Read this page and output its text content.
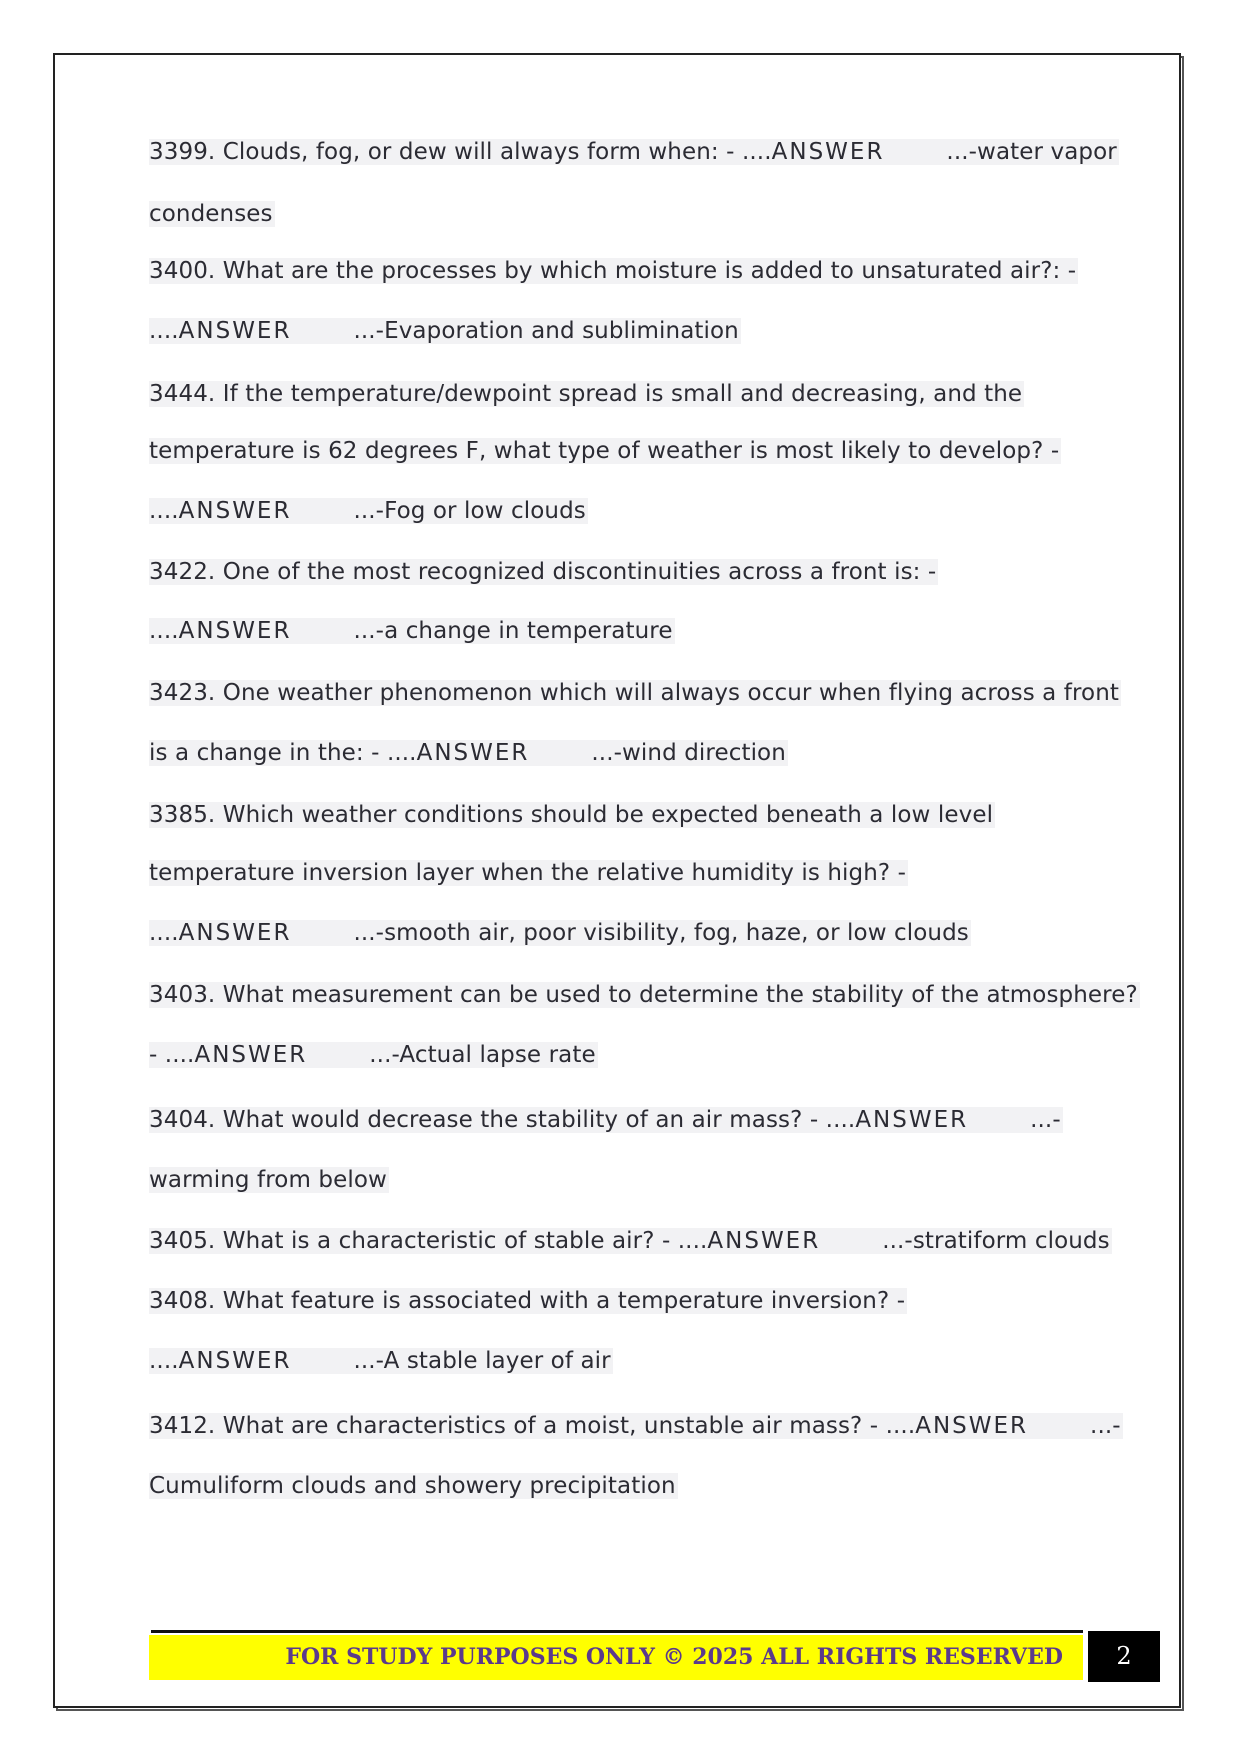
3399. Clouds, fog, or dew will always form when: - ....ANSWER	...-water vapor
condenses
3400. What are the processes by which moisture is added to unsaturated air?: -
....ANSWER	...-Evaporation and sublimination
3444. If the temperature/dewpoint spread is small and decreasing, and the
temperature is 62 degrees F, what type of weather is most likely to develop? -
....ANSWER	...-Fog or low clouds
3422. One of the most recognized discontinuities across a front is: -
....ANSWER	...-a change in temperature
3423. One weather phenomenon which will always occur when flying across a front
is a change in the: - ....ANSWER	...-wind direction
3385. Which weather conditions should be expected beneath a low level
temperature inversion layer when the relative humidity is high? -
....ANSWER	...-smooth air, poor visibility, fog, haze, or low clouds
3403. What measurement can be used to determine the stability of the atmosphere?
- ....ANSWER	...-Actual lapse rate
3404. What would decrease the stability of an air mass? - ....ANSWER	...-
warming from below
3405. What is a characteristic of stable air? - ....ANSWER	...-stratiform clouds
3408. What feature is associated with a temperature inversion? -
....ANSWER	...-A stable layer of air
3412. What are characteristics of a moist, unstable air mass? - ....ANSWER	...-
Cumuliform clouds and showery precipitation
FOR STUDY PURPOSES ONLY © 2025 ALL RIGHTS RESERVED	2
